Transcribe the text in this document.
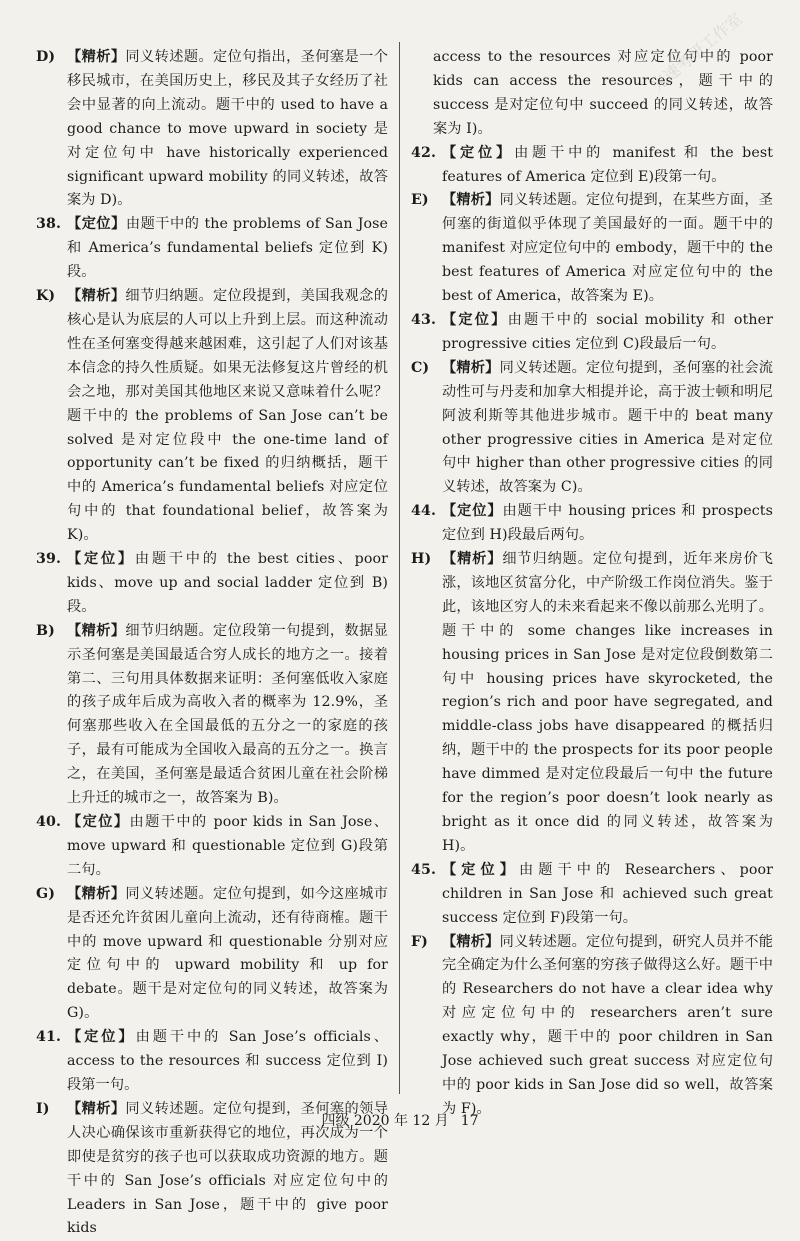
D) 【精析】同义转述题。定位句指出，圣何塞是一个移民城市，在美国历史上，移民及其子女经历了社会中显著的向上流动。题干中的 used to have a good chance to move upward in society 是对定位句中 have historically experienced significant upward mobility 的同义转述，故答案为 D)。
38. 【定位】由题干中的 the problems of San Jose 和 America’s fundamental beliefs 定位到 K)段。
K) 【精析】细节归纳题。定位段提到，美国我观念的核心是认为底层的人可以上升到上层。而这种流动性在圣何塞变得越来越困难，这引起了人们对该基本信念的持久性质疑。如果无法修复这片曾经的机会之地，那对美国其他地区来说又意味着什么呢？题干中的 the problems of San Jose can’t be solved 是对定位段中 the one-time land of opportunity can’t be fixed 的归纳概括，题干中的 America’s fundamental beliefs 对应定位句中的 that foundational belief，故答案为 K)。
39. 【定位】由题干中的 the best cities、poor kids、move up and social ladder 定位到 B)段。
B) 【精析】细节归纳题。定位段第一句提到，数据显示圣何塞是美国最适合穷人成长的地方之一。接着第二、三句用具体数据来证明：圣何塞低收入家庭的孩子成年后成为高收入者的概率为 12.9%，圣何塞那些收入在全国最低的五分之一的家庭的孩子，最有可能成为全国收入最高的五分之一。换言之，在美国，圣何塞是最适合贫困儿童在社会阶梯上升迁的城市之一，故答案为 B)。
40. 【定位】由题干中的 poor kids in San Jose、move upward 和 questionable 定位到 G)段第二句。
G) 【精析】同义转述题。定位句提到，如今这座城市是否还允许贫困儿童向上流动，还有待商榷。题干中的 move upward 和 questionable 分别对应定位句中的 upward mobility 和 up for debate。题干是对定位句的同义转述，故答案为 G)。
41. 【定位】由题干中的 San Jose’s officials、access to the resources 和 success 定位到 I)段第一句。
I) 【精析】同义转述题。定位句提到，圣何塞的领导人决心确保该市重新获得它的地位，再次成为一个即使是贫穷的孩子也可以获取成功资源的地方。题干中的 San Jose’s officials 对应定位句中的 Leaders in San Jose，题干中的 give poor kids
access to the resources 对应定位句中的 poor kids can access the resources，题干中的 success 是对定位句中 succeed 的同义转述，故答案为 I)。
42. 【定位】由题干中的 manifest 和 the best features of America 定位到 E)段第一句。
E) 【精析】同义转述题。定位句提到，在某些方面，圣何塞的街道似乎体现了美国最好的一面。题干中的 manifest 对应定位句中的 embody，题干中的 the best features of America 对应定位句中的 the best of America，故答案为 E)。
43. 【定位】由题干中的 social mobility 和 other progressive cities 定位到 C)段最后一句。
C) 【精析】同义转述题。定位句提到，圣何塞的社会流动性可与丹麦和加拿大相提并论，高于波士顿和明尼阿波利斯等其他进步城市。题干中的 beat many other progressive cities in America 是对定位句中 higher than other progressive cities 的同义转述，故答案为 C)。
44. 【定位】由题干中 housing prices 和 prospects 定位到 H)段最后两句。
H) 【精析】细节归纳题。定位句提到，近年来房价飞涨，该地区贫富分化，中产阶级工作岗位消失。鉴于此，该地区穷人的未来看起来不像以前那么光明了。题干中的 some changes like increases in housing prices in San Jose 是对定位段倒数第二句中 housing prices have skyrocketed, the region’s rich and poor have segregated, and middle-class jobs have disappeared 的概括归纳，题干中的 the prospects for its poor people have dimmed 是对定位段最后一句中 the future for the region’s poor doesn’t look nearly as bright as it once did 的同义转述，故答案为 H)。
45. 【定位】由题干中的 Researchers、poor children in San Jose 和 achieved such great success 定位到 F)段第一句。
F) 【精析】同义转述题。定位句提到，研究人员并不能完全确定为什么圣何塞的穷孩子做得这么好。题干中的 Researchers do not have a clear idea why 对应定位句中的 researchers aren’t sure exactly why，题干中的 poor children in San Jose achieved such great success 对应定位句中的 poor kids in San Jose did so well，故答案为 F)。
四级 2020 年 12 月 17
光速考研工作室
